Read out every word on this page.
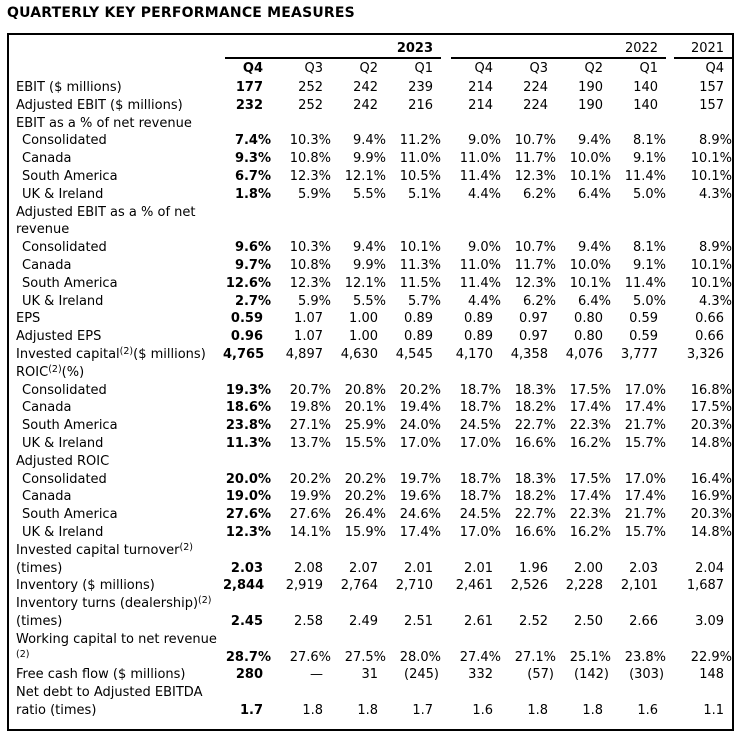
QUARTERLY KEY PERFORMANCE MEASURES

	2023				2022				2021

	Q4	Q3	Q2	Q1	Q4	Q3	Q2	Q1	Q4
EBIT ($ millions)	177	252	242	239	214	224	190	140	157
Adjusted EBIT ($ millions)	232	252	242	216	214	224	190	140	157
EBIT as a % of net revenue									
Consolidated	7.4%	10.3%	9.4%	11.2%	9.0%	10.7%	9.4%	8.1%	8.9%
Canada	9.3%	10.8%	9.9%	11.0%	11.0%	11.7%	10.0%	9.1%	10.1%
South America	6.7%	12.3%	12.1%	10.5%	11.4%	12.3%	10.1%	11.4%	10.1%
UK & Ireland	1.8%	5.9%	5.5%	5.1%	4.4%	6.2%	6.4%	5.0%	4.3%
Adjusted EBIT as a % of net
revenue									
Consolidated	9.6%	10.3%	9.4%	10.1%	9.0%	10.7%	9.4%	8.1%	8.9%
Canada	9.7%	10.8%	9.9%	11.3%	11.0%	11.7%	10.0%	9.1%	10.1%
South America	12.6%	12.3%	12.1%	11.5%	11.4%	12.3%	10.1%	11.4%	10.1%
UK & Ireland	2.7%	5.9%	5.5%	5.7%	4.4%	6.2%	6.4%	5.0%	4.3%
EPS	0.59	1.07	1.00	0.89	0.89	0.97	0.80	0.59	0.66
Adjusted EPS	0.96	1.07	1.00	0.89	0.89	0.97	0.80	0.59	0.66
Invested capital$^{(2)}$($ millions)	4,765	4,897	4,630	4,545	4,170	4,358	4,076	3,777	3,326
ROIC$^{(2)}$(%)									
Consolidated	19.3%	20.7%	20.8%	20.2%	18.7%	18.3%	17.5%	17.0%	16.8%
Canada	18.6%	19.8%	20.1%	19.4%	18.7%	18.2%	17.4%	17.4%	17.5%
South America	23.8%	27.1%	25.9%	24.0%	24.5%	22.7%	22.3%	21.7%	20.3%
UK & Ireland	11.3%	13.7%	15.5%	17.0%	17.0%	16.6%	16.2%	15.7%	14.8%
Adjusted ROIC									
Consolidated	20.0%	20.2%	20.2%	19.7%	18.7%	18.3%	17.5%	17.0%	16.4%
Canada	19.0%	19.9%	20.2%	19.6%	18.7%	18.2%	17.4%	17.4%	16.9%
South America	27.6%	27.6%	26.4%	24.6%	24.5%	22.7%	22.3%	21.7%	20.3%
UK & Ireland	12.3%	14.1%	15.9%	17.4%	17.0%	16.6%	16.2%	15.7%	14.8%
Invested capital turnover$^{(2)}$
(times)	2.03	2.08	2.07	2.01	2.01	1.96	2.00	2.03	2.04
Inventory ($ millions)	2,844	2,919	2,764	2,710	2,461	2,526	2,228	2,101	1,687
Inventory turns (dealership)$^{(2)}$
(times)	2.45	2.58	2.49	2.51	2.61	2.52	2.50	2.66	3.09
Working capital to net revenue
$^{(2)}$	28.7%	27.6%	27.5%	28.0%	27.4%	27.1%	25.1%	23.8%	22.9%
Free cash flow ($ millions)	280	—	31	(245)	332	(57)	(142)	(303)	148
Net debt to Adjusted EBITDA
ratio (times)	1.7	1.8	1.8	1.7	1.6	1.8	1.8	1.6	1.1
